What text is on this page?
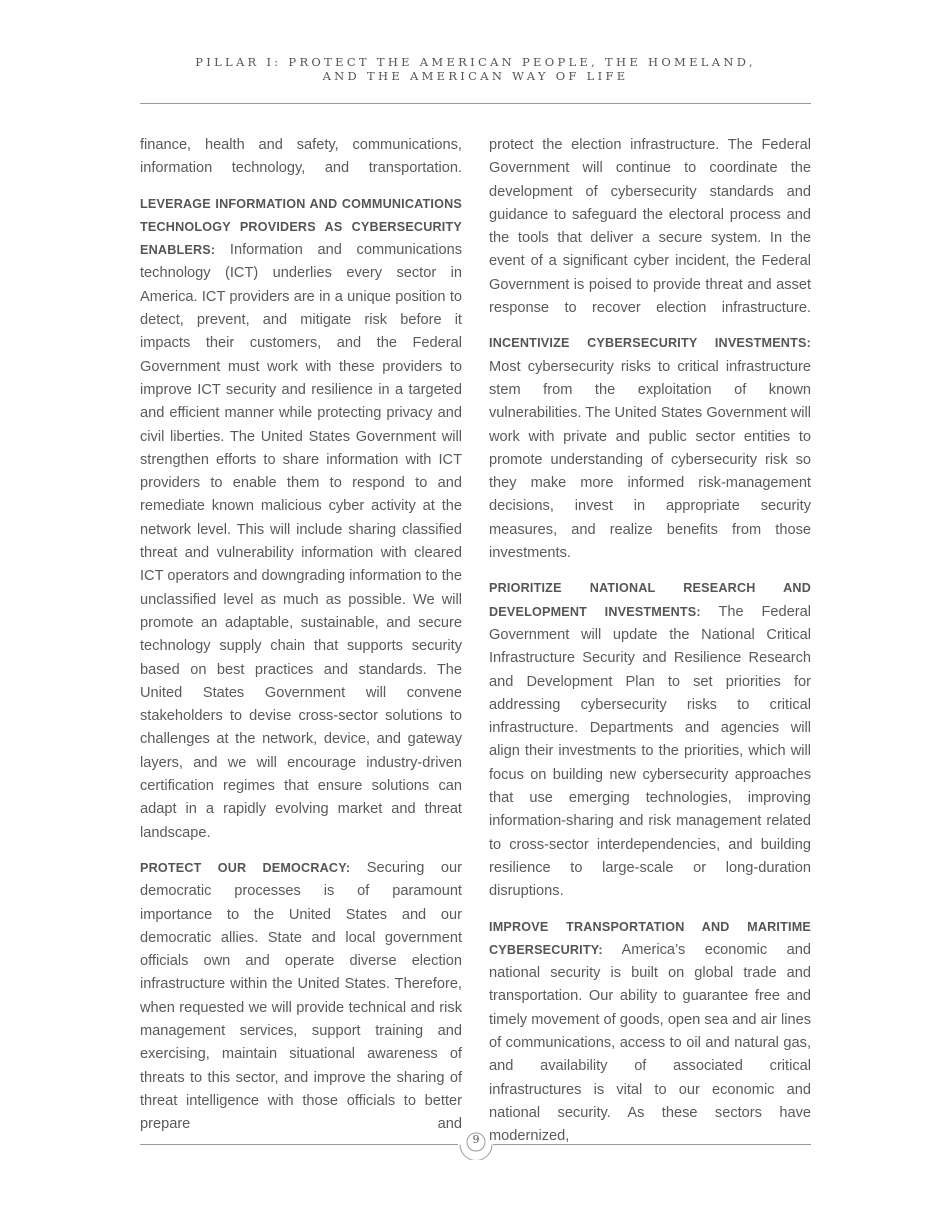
PILLAR I: PROTECT THE AMERICAN PEOPLE, THE HOMELAND,
AND THE AMERICAN WAY OF LIFE

finance, health and safety, communications, information technology, and transportation.

LEVERAGE INFORMATION AND COMMUNICATIONS TECHNOLOGY PROVIDERS AS CYBERSECURITY ENABLERS: Information and communications technology (ICT) underlies every sector in America. ICT providers are in a unique position to detect, prevent, and mitigate risk before it impacts their customers, and the Federal Government must work with these providers to improve ICT security and resilience in a targeted and efficient manner while protecting privacy and civil liberties. The United States Government will strengthen efforts to share information with ICT providers to enable them to respond to and remediate known malicious cyber activity at the network level. This will include sharing classified threat and vulnerability information with cleared ICT operators and downgrading information to the unclassified level as much as possible. We will promote an adaptable, sustainable, and secure technology supply chain that supports security based on best practices and standards. The United States Government will convene stakeholders to devise cross-sector solutions to challenges at the network, device, and gateway layers, and we will encourage industry-driven certification regimes that ensure solutions can adapt in a rapidly evolving market and threat landscape.

PROTECT OUR DEMOCRACY: Securing our democratic processes is of paramount importance to the United States and our democratic allies. State and local government officials own and operate diverse election infrastructure within the United States. Therefore, when requested we will provide technical and risk management services, support training and exercising, maintain situational awareness of threats to this sector, and improve the sharing of threat intelligence with those officials to better prepare and

protect the election infrastructure. The Federal Government will continue to coordinate the development of cybersecurity standards and guidance to safeguard the electoral process and the tools that deliver a secure system. In the event of a significant cyber incident, the Federal Government is poised to provide threat and asset response to recover election infrastructure.

INCENTIVIZE CYBERSECURITY INVESTMENTS: Most cybersecurity risks to critical infrastructure stem from the exploitation of known vulnerabilities. The United States Government will work with private and public sector entities to promote understanding of cybersecurity risk so they make more informed risk-management decisions, invest in appropriate security measures, and realize benefits from those investments.

PRIORITIZE NATIONAL RESEARCH AND DEVELOPMENT INVESTMENTS: The Federal Government will update the National Critical Infrastructure Security and Resilience Research and Development Plan to set priorities for addressing cybersecurity risks to critical infrastructure. Departments and agencies will align their investments to the priorities, which will focus on building new cybersecurity approaches that use emerging technologies, improving information-sharing and risk management related to cross-sector interdependencies, and building resilience to large-scale or long-duration disruptions.

IMPROVE TRANSPORTATION AND MARITIME CYBERSECURITY: America’s economic and national security is built on global trade and transportation. Our ability to guarantee free and timely movement of goods, open sea and air lines of communications, access to oil and natural gas, and availability of associated critical infrastructures is vital to our economic and national security. As these sectors have modernized,

9
